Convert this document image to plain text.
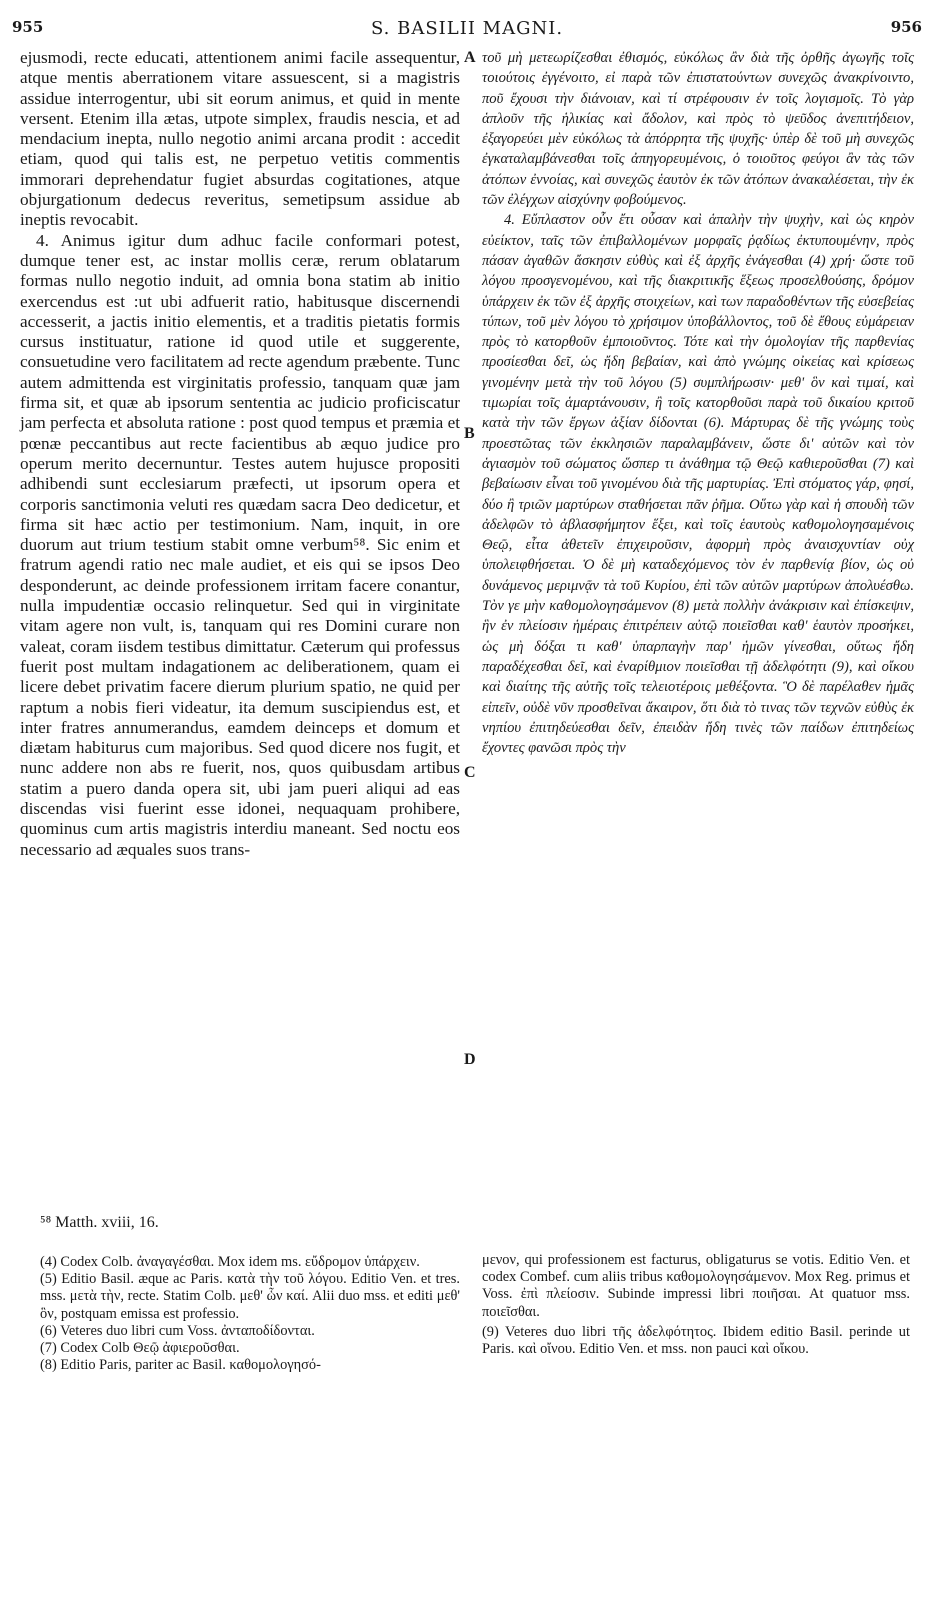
955	S. BASILII MAGNI.	956

ejusmodi, recte educati, attentionem animi facile assequentur, atque mentis aberrationem vitare assuescent, si a magistris assidue interrogentur, ubi sit eorum animus, et quid in mente versent. Etenim illa ætas, utpote simplex, fraudis nescia, et ad mendacium inepta, nullo negotio animi arcana prodit : accedit etiam, quod qui talis est, ne perpetuo vetitis commentis immorari deprehendatur fugiet absurdas cogitationes, atque objurgationum dedecus reveritus, semetipsum assidue ab ineptis revocabit.

4. Animus igitur dum adhuc facile conformari potest, dumque tener est, ac instar mollis ceræ, rerum oblatarum formas nullo negotio induit, ad omnia bona statim ab initio exercendus est :ut ubi adfuerit ratio, habitusque discernendi accesserit, a jactis initio elementis, et a traditis pietatis formis cursus instituatur, ratione id quod utile et suggerente, consuetudine vero facilitatem ad recte agendum præbente. Tunc autem admittenda est virginitatis professio, tanquam quæ jam firma sit, et quæ ab ipsorum sententia ac judicio proficiscatur jam perfecta et absoluta ratione : post quod tempus et præmia et pœnæ peccantibus aut recte facientibus ab æquo judice pro operum merito decernuntur. Testes autem hujusce propositi adhibendi sunt ecclesiarum præfecti, ut ipsorum opera et corporis sanctimonia veluti res quædam sacra Deo dedicetur, et firma sit hæc actio per testimonium. Nam, inquit, in ore duorum aut trium testium stabit omne verbum⁵⁸. Sic enim et fratrum agendi ratio nec male audiet, et eis qui se ipsos Deo desponderunt, ac deinde professionem irritam facere conantur, nulla impudentiæ occasio relinquetur. Sed qui in virginitate vitam agere non vult, is, tanquam qui res Domini curare non valeat, coram iisdem testibus dimittatur. Cæterum qui professus fuerit post multam indagationem ac deliberationem, quam ei licere debet privatim facere dierum plurium spatio, ne quid per raptum a nobis fieri videatur, ita demum suscipiendus est, et inter fratres annumerandus, eamdem deinceps et domum et diætam habiturus cum majoribus. Sed quod dicere nos fugit, et nunc addere non abs re fuerit, nos, quos quibusdam artibus statim a puero danda opera sit, ubi jam pueri aliqui ad eas discendas visi fuerint esse idonei, nequaquam prohibere, quominus cum artis magistris interdiu maneant. Sed noctu eos necessario ad æquales suos trans-

A
B
C
D

τοῦ μὴ μετεωρίζεσθαι ἐθισμός, εὐκόλως ἂν διὰ τῆς ὀρθῆς ἀγωγῆς τοῖς τοιούτοις ἐγγένοιτο, εἰ παρὰ τῶν ἐπιστατούντων συνεχῶς ἀνακρίνοιντο, ποῦ ἔχουσι τὴν διάνοιαν, καὶ τί στρέφουσιν ἐν τοῖς λογισμοῖς. Τὸ γὰρ ἁπλοῦν τῆς ἡλικίας καὶ ἄδολον, καὶ πρὸς τὸ ψεῦδος ἀνεπιτήδειον, ἐξαγορεύει μὲν εὐκόλως τὰ ἀπόρρητα τῆς ψυχῆς· ὑπὲρ δὲ τοῦ μὴ συνεχῶς ἐγκαταλαμβάνεσθαι τοῖς ἀπηγορευμένοις, ὁ τοιοῦτος φεύγοι ἂν τὰς τῶν ἀτόπων ἐννοίας, καὶ συνεχῶς ἑαυτὸν ἐκ τῶν ἀτόπων ἀνακαλέσεται, τὴν ἐκ τῶν ἐλέγχων αἰσχύνην φοβούμενος.

4. Εὔπλαστον οὖν ἔτι οὖσαν καὶ ἁπαλὴν τὴν ψυχὴν, καὶ ὡς κηρὸν εὐείκτον, ταῖς τῶν ἐπιβαλλομένων μορφαῖς ῥᾳδίως ἐκτυπουμένην, πρὸς πάσαν ἀγαθῶν ἄσκησιν εὐθὺς καὶ ἐξ ἀρχῆς ἐνάγεσθαι (4) χρή· ὥστε τοῦ λόγου προσγενομένου, καὶ τῆς διακριτικῆς ἕξεως προσελθούσης, δρόμον ὑπάρχειν ἐκ τῶν ἐξ ἀρχῆς στοιχείων, καὶ των παραδοθέντων τῆς εὐσεβείας τύπων, τοῦ μὲν λόγου τὸ χρήσιμον ὑποβάλλοντος, τοῦ δὲ ἔθους εὐμάρειαν πρὸς τὸ κατορθοῦν ἐμποιοῦντος. Τότε καὶ τὴν ὁμολογίαν τῆς παρθενίας προσίεσθαι δεῖ, ὡς ἤδη βεβαίαν, καὶ ἀπὸ γνώμης οἰκείας καὶ κρίσεως γινομένην μετὰ τὴν τοῦ λόγου (5) συμπλήρωσιν· μεθ' ὃν καὶ τιμαί, καὶ τιμωρίαι τοῖς ἁμαρτάνουσιν, ἢ τοῖς κατορθοῦσι παρὰ τοῦ δικαίου κριτοῦ κατὰ τὴν τῶν ἔργων ἀξίαν δίδονται (6). Μάρτυρας δὲ τῆς γνώμης τοὺς προεστῶτας τῶν ἐκκλησιῶν παραλαμβάνειν, ὥστε δι' αὐτῶν καὶ τὸν ἁγιασμὸν τοῦ σώματος ὥσπερ τι ἀνάθημα τῷ Θεῷ καθιεροῦσθαι (7) καὶ βεβαίωσιν εἶναι τοῦ γινομένου διὰ τῆς μαρτυρίας. Ἐπὶ στόματος γάρ, φησί, δύο ἢ τριῶν μαρτύρων σταθήσεται πᾶν ῥῆμα. Οὕτω γὰρ καὶ ἡ σπουδὴ τῶν ἀδελφῶν τὸ ἀβλασφήμητον ἕξει, καὶ τοῖς ἑαυτοὺς καθομολογησαμένοις Θεῷ, εἶτα ἀθετεῖν ἐπιχειροῦσιν, ἀφορμὴ πρὸς ἀναισχυντίαν οὐχ ὑπολειφθήσεται. Ὁ δὲ μὴ καταδεχόμενος τὸν ἐν παρθενίᾳ βίον, ὡς οὐ δυνάμενος μεριμνᾷν τὰ τοῦ Κυρίου, ἐπὶ τῶν αὐτῶν μαρτύρων ἀπολυέσθω. Τὸν γε μὴν καθομολογησάμενον (8) μετὰ πολλὴν ἀνάκρισιν καὶ ἐπίσκεψιν, ἣν ἐν πλείοσιν ἡμέραις ἐπιτρέπειν αὐτῷ ποιεῖσθαι καθ' ἑαυτὸν προσήκει, ὡς μὴ δόξαι τι καθ' ὑπαρπαγὴν παρ' ἡμῶν γίνεσθαι, οὕτως ἤδη παραδέχεσθαι δεῖ, καὶ ἐναρίθμιον ποιεῖσθαι τῇ ἀδελφότητι (9), καὶ οἴκου καὶ διαίτης τῆς αὐτῆς τοῖς τελειοτέροις μεθέξοντα. Ὃ δὲ παρέλαθεν ἡμᾶς εἰπεῖν, οὐδὲ νῦν προσθεῖναι ἄκαιρον, ὅτι διὰ τὸ τινας τῶν τεχνῶν εὐθὺς ἐκ νηπίου ἐπιτηδεύεσθαι δεῖν, ἐπειδὰν ἤδη τινὲς τῶν παίδων ἐπιτηδείως ἔχοντες φανῶσι πρὸς τὴν

⁵⁸ Matth. xviii, 16.

(4) Codex Colb. ἀναγαγέσθαι. Mox idem ms. εὔδρομον ὑπάρχειν.

(5) Editio Basil. æque ac Paris. κατὰ τὴν τοῦ λόγου. Editio Ven. et tres. mss. μετὰ τὴν, recte. Statim Colb. μεθ' ὧν καί. Alii duo mss. et editi μεθ' ὃν, postquam emissa est professio.

(6) Veteres duo libri cum Voss. ἀνταποδίδονται.

(7) Codex Colb Θεῷ ἀφιεροῦσθαι.

(8) Editio Paris, pariter ac Basil. καθομολογησό-

μενον, qui professionem est facturus, obligaturus se votis. Editio Ven. et codex Combef. cum aliis tribus καθομολογησάμενον. Mox Reg. primus et Voss. ἐπὶ πλείοσιν. Subinde impressi libri ποιῆσαι. At quatuor mss. ποιεῖσθαι.

(9) Veteres duo libri τῆς ἀδελφότητος. Ibidem editio Basil. perinde ut Paris. καὶ οἴνου. Editio Ven. et mss. non pauci καὶ οἴκου.
